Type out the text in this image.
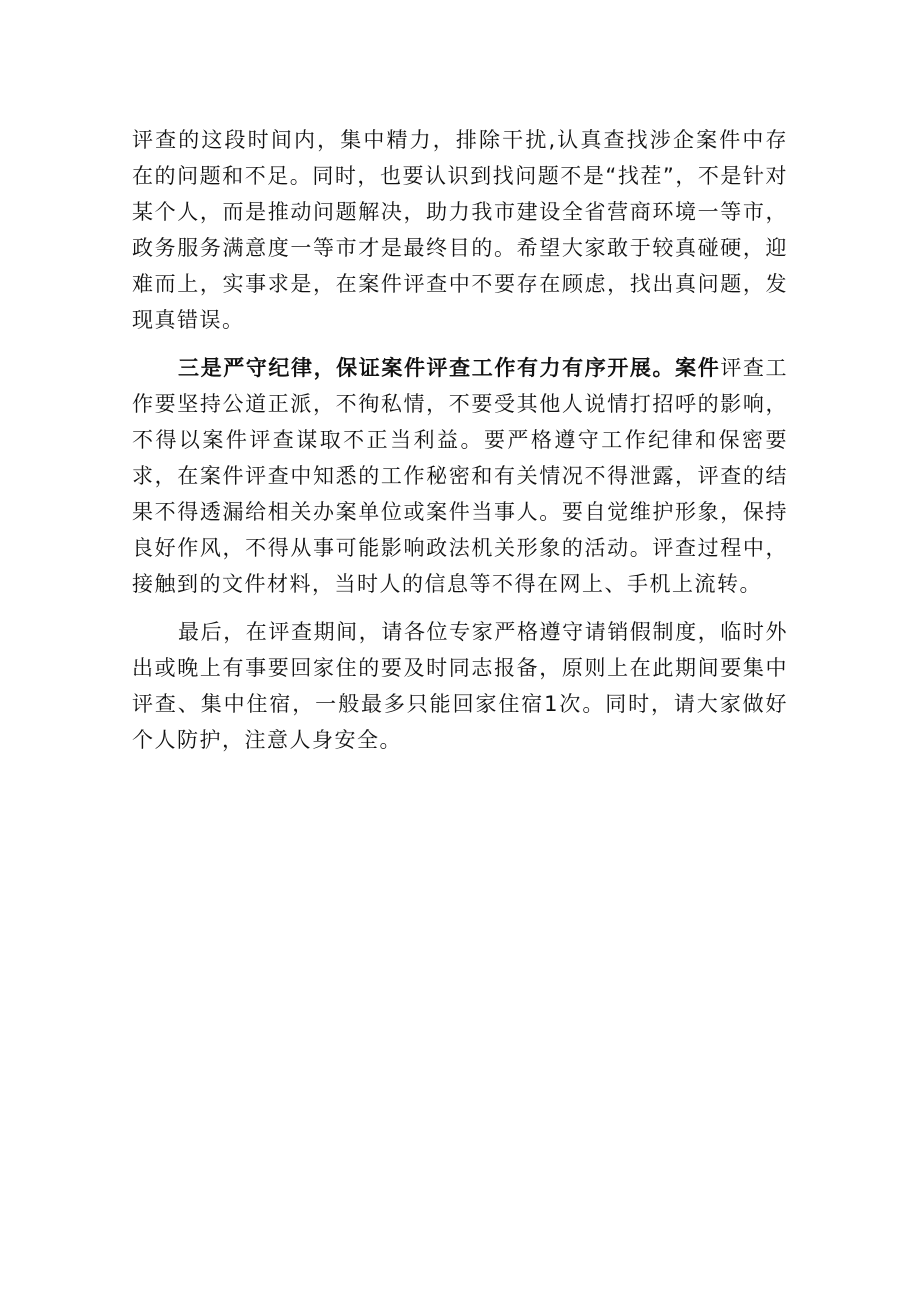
评查的这段时间内，集中精力，排除干扰,认真查找涉企案件中存在的问题和不足。同时，也要认识到找问题不是“找茬”，不是针对某个人，而是推动问题解决，助力我市建设全省营商环境一等市，政务服务满意度一等市才是最终目的。希望大家敢于较真碰硬，迎难而上，实事求是，在案件评查中不要存在顾虑，找出真问题，发现真错误。

三是严守纪律，保证案件评查工作有力有序开展。案件评查工作要坚持公道正派，不徇私情，不要受其他人说情打招呼的影响，不得以案件评查谋取不正当利益。要严格遵守工作纪律和保密要求，在案件评查中知悉的工作秘密和有关情况不得泄露，评查的结果不得透漏给相关办案单位或案件当事人。要自觉维护形象，保持良好作风，不得从事可能影响政法机关形象的活动。评查过程中，接触到的文件材料，当时人的信息等不得在网上、手机上流转。

最后，在评查期间，请各位专家严格遵守请销假制度，临时外出或晚上有事要回家住的要及时同志报备，原则上在此期间要集中评查、集中住宿，一般最多只能回家住宿1次。同时，请大家做好个人防护，注意人身安全。
